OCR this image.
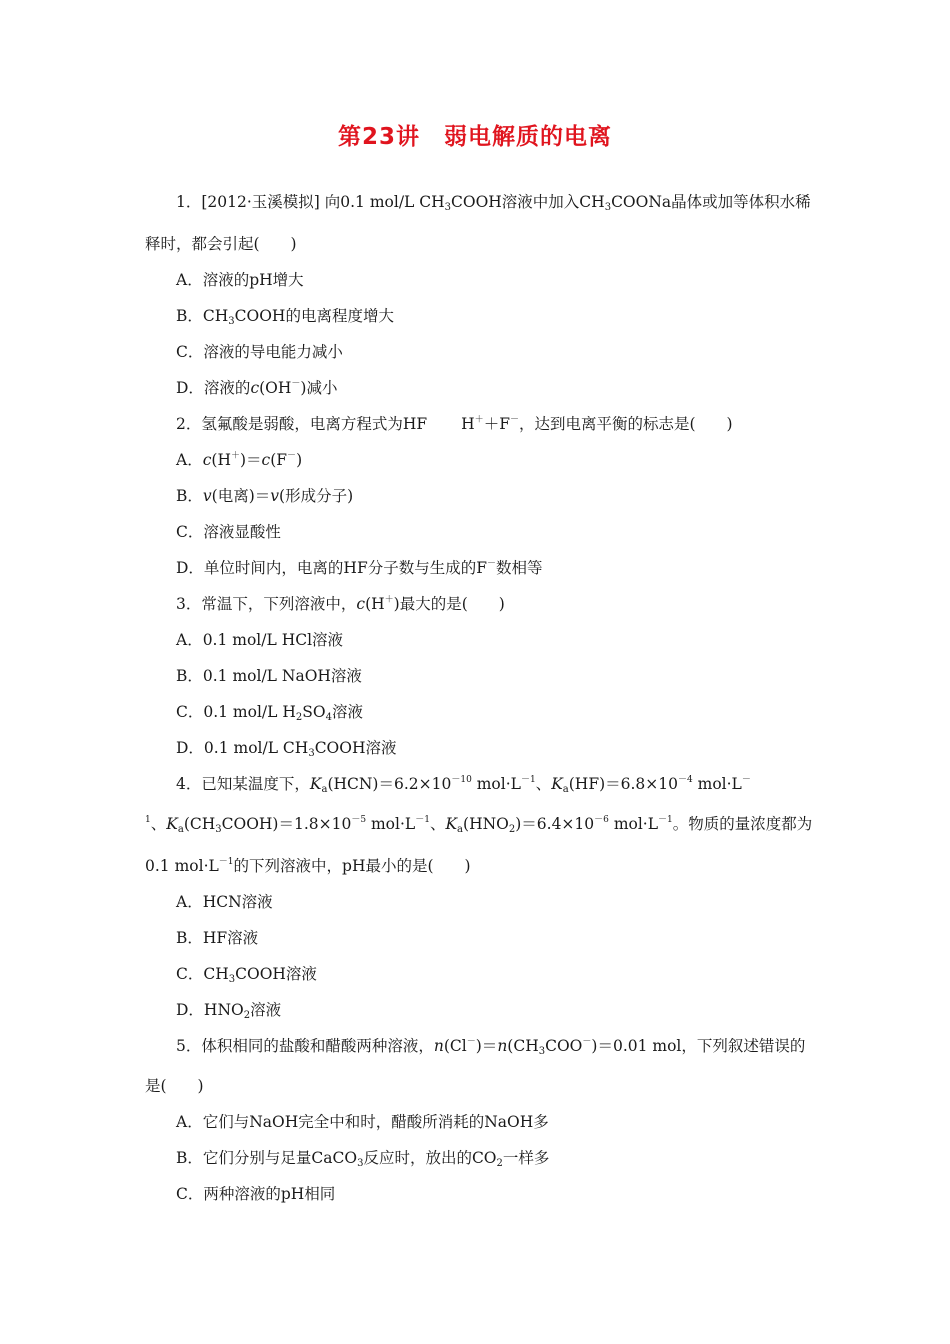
第23讲　弱电解质的电离
1．[2012·玉溪模拟] 向0.1 mol/L $CH_3COOH$溶液中加入$CH_3COONa$晶体或加等体积水稀
释时，都会引起(　　)
A．溶液的pH增大
B．$CH_3COOH$的电离程度增大
C．溶液的导电能力减小
D．溶液的c(OH－)减小
2．氢氟酸是弱酸，电离方程式为HF H＋＋F－，达到电离平衡的标志是(　　)
A．c(H＋)＝c(F－)
B．v(电离)＝v(形成分子)
C．溶液显酸性
D．单位时间内，电离的HF分子数与生成的F－数相等
3．常温下，下列溶液中，c(H＋)最大的是(　　)
A．0.1 mol/L HCl溶液
B．0.1 mol/L NaOH溶液
C．0.1 mol/L $H_2SO_4$溶液
D．0.1 mol/L $CH_3COOH$溶液
4．已知某温度下，$K_a(HCN)=6.2\times 10^{-10}$ $mol\cdot L^{-1}$、$K_a(HF)=6.8\times 10^{-4}$ mol·L－
$^1$、$K_a(CH_3COOH)=1.8\times 10^{-5}$ $mol\cdot L^{-1}$、$K_a(HNO_2)=6.4\times 10^{-6}$ $mol\cdot L^{-1}$。物质的量浓度都为
0.1 $mol\cdot L^{-1}$的下列溶液中，pH最小的是(　　)
A．HCN溶液
B．HF溶液
C．$CH_3COOH$溶液
D．$HNO_2$溶液
5．体积相同的盐酸和醋酸两种溶液，$n(Cl^-)=n(CH_3COO^-)=0.01$ mol，下列叙述错误的
是(　　)
A．它们与NaOH完全中和时，醋酸所消耗的NaOH多
B．它们分别与足量CaCO$_3$反应时，放出的$CO_2$一样多
C．两种溶液的pH相同
